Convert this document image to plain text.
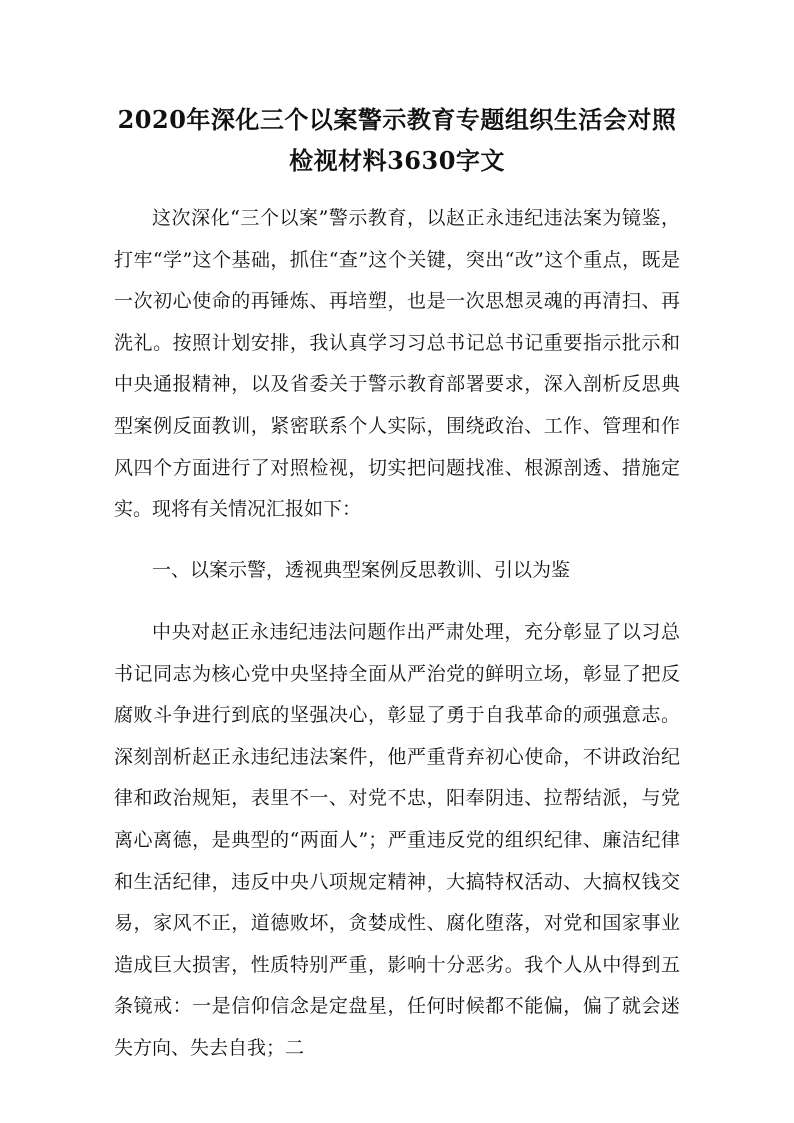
2020年深化三个以案警示教育专题组织生活会对照
检视材料3630字文

这次深化“三个以案”警示教育，以赵正永违纪违法案为镜鉴，打牢“学”这个基础，抓住“查”这个关键，突出“改”这个重点，既是一次初心使命的再锤炼、再培塑，也是一次思想灵魂的再清扫、再洗礼。按照计划安排，我认真学习习总书记总书记重要指示批示和中央通报精神，以及省委关于警示教育部署要求，深入剖析反思典型案例反面教训，紧密联系个人实际，围绕政治、工作、管理和作风四个方面进行了对照检视，切实把问题找准、根源剖透、措施定实。现将有关情况汇报如下：

一、以案示警，透视典型案例反思教训、引以为鉴

中央对赵正永违纪违法问题作出严肃处理，充分彰显了以习总书记同志为核心党中央坚持全面从严治党的鲜明立场，彰显了把反腐败斗争进行到底的坚强决心，彰显了勇于自我革命的顽强意志。深刻剖析赵正永违纪违法案件，他严重背弃初心使命，不讲政治纪律和政治规矩，表里不一、对党不忠，阳奉阴违、拉帮结派，与党离心离德，是典型的“两面人”；严重违反党的组织纪律、廉洁纪律和生活纪律，违反中央八项规定精神，大搞特权活动、大搞权钱交易，家风不正，道德败坏，贪婪成性、腐化堕落，对党和国家事业造成巨大损害，性质特别严重，影响十分恶劣。我个人从中得到五条镜戒：一是信仰信念是定盘星，任何时候都不能偏，偏了就会迷失方向、失去自我；二
